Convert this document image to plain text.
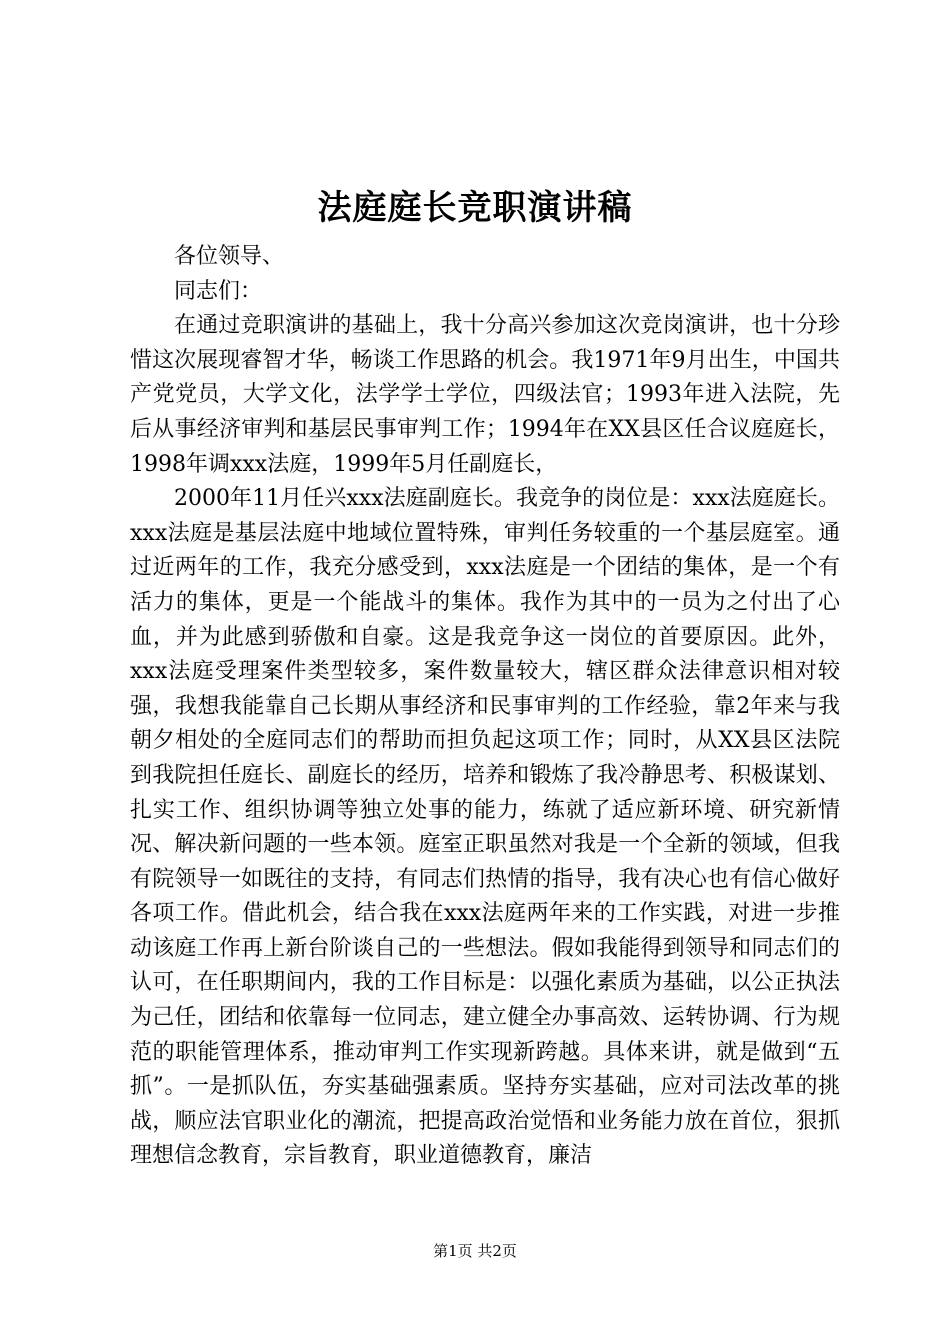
法庭庭长竞职演讲稿

各位领导、

同志们：

在通过竞职演讲的基础上，我十分高兴参加这次竞岗演讲，也十分珍惜这次展现睿智才华，畅谈工作思路的机会。我1971年9月出生，中国共产党党员，大学文化，法学学士学位，四级法官；1993年进入法院，先后从事经济审判和基层民事审判工作；1994年在XX县区任合议庭庭长，1998年调xxx法庭，1999年5月任副庭长，

2000年11月任兴xxx法庭副庭长。我竞争的岗位是：xxx法庭庭长。xxx法庭是基层法庭中地域位置特殊，审判任务较重的一个基层庭室。通过近两年的工作，我充分感受到，xxx法庭是一个团结的集体，是一个有活力的集体，更是一个能战斗的集体。我作为其中的一员为之付出了心血，并为此感到骄傲和自豪。这是我竞争这一岗位的首要原因。此外，xxx法庭受理案件类型较多，案件数量较大，辖区群众法律意识相对较强，我想我能靠自己长期从事经济和民事审判的工作经验，靠2年来与我朝夕相处的全庭同志们的帮助而担负起这项工作；同时，从XX县区法院到我院担任庭长、副庭长的经历，培养和锻炼了我冷静思考、积极谋划、扎实工作、组织协调等独立处事的能力，练就了适应新环境、研究新情况、解决新问题的一些本领。庭室正职虽然对我是一个全新的领域，但我有院领导一如既往的支持，有同志们热情的指导，我有决心也有信心做好各项工作。借此机会，结合我在xxx法庭两年来的工作实践，对进一步推动该庭工作再上新台阶谈自己的一些想法。假如我能得到领导和同志们的认可，在任职期间内，我的工作目标是：以强化素质为基础，以公正执法为己任，团结和依靠每一位同志，建立健全办事高效、运转协调、行为规范的职能管理体系，推动审判工作实现新跨越。具体来讲，就是做到“五抓”。一是抓队伍，夯实基础强素质。坚持夯实基础，应对司法改革的挑战，顺应法官职业化的潮流，把提高政治觉悟和业务能力放在首位，狠抓理想信念教育，宗旨教育，职业道德教育，廉洁

第1页 共2页
